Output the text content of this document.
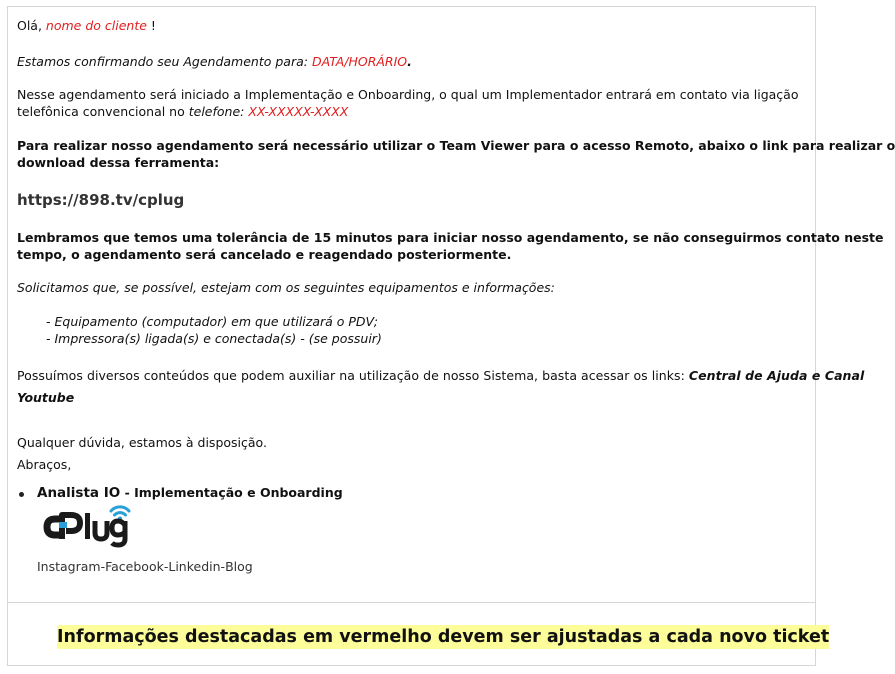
Olá, nome do cliente !

Estamos confirmando seu Agendamento para: DATA/HORÁRIO.

Nesse agendamento será iniciado a Implementação e Onboarding, o qual um Implementador entrará em contato via ligação

telefônica convencional no telefone: XX-XXXXX-XXXX

Para realizar nosso agendamento será necessário utilizar o Team Viewer para o acesso Remoto, abaixo o link para realizar o

download dessa ferramenta:

https://898.tv/cplug

Lembramos que temos uma tolerância de 15 minutos para iniciar nosso agendamento, se não conseguirmos contato neste

tempo, o agendamento será cancelado e reagendado posteriormente.

Solicitamos que, se possível, estejam com os seguintes equipamentos e informações:

- Equipamento (computador) em que utilizará o PDV;

- Impressora(s) ligada(s) e conectada(s) - (se possuir)

Possuímos diversos conteúdos que podem auxiliar na utilização de nosso Sistema, basta acessar os links: Central de Ajuda e Canal

Youtube

Qualquer dúvida, estamos à disposição.

Abraços,

Analista IO - Implementação e Onboarding
Instagram-Facebook-Linkedin-Blog
Informações destacadas em vermelho devem ser ajustadas a cada novo ticket
